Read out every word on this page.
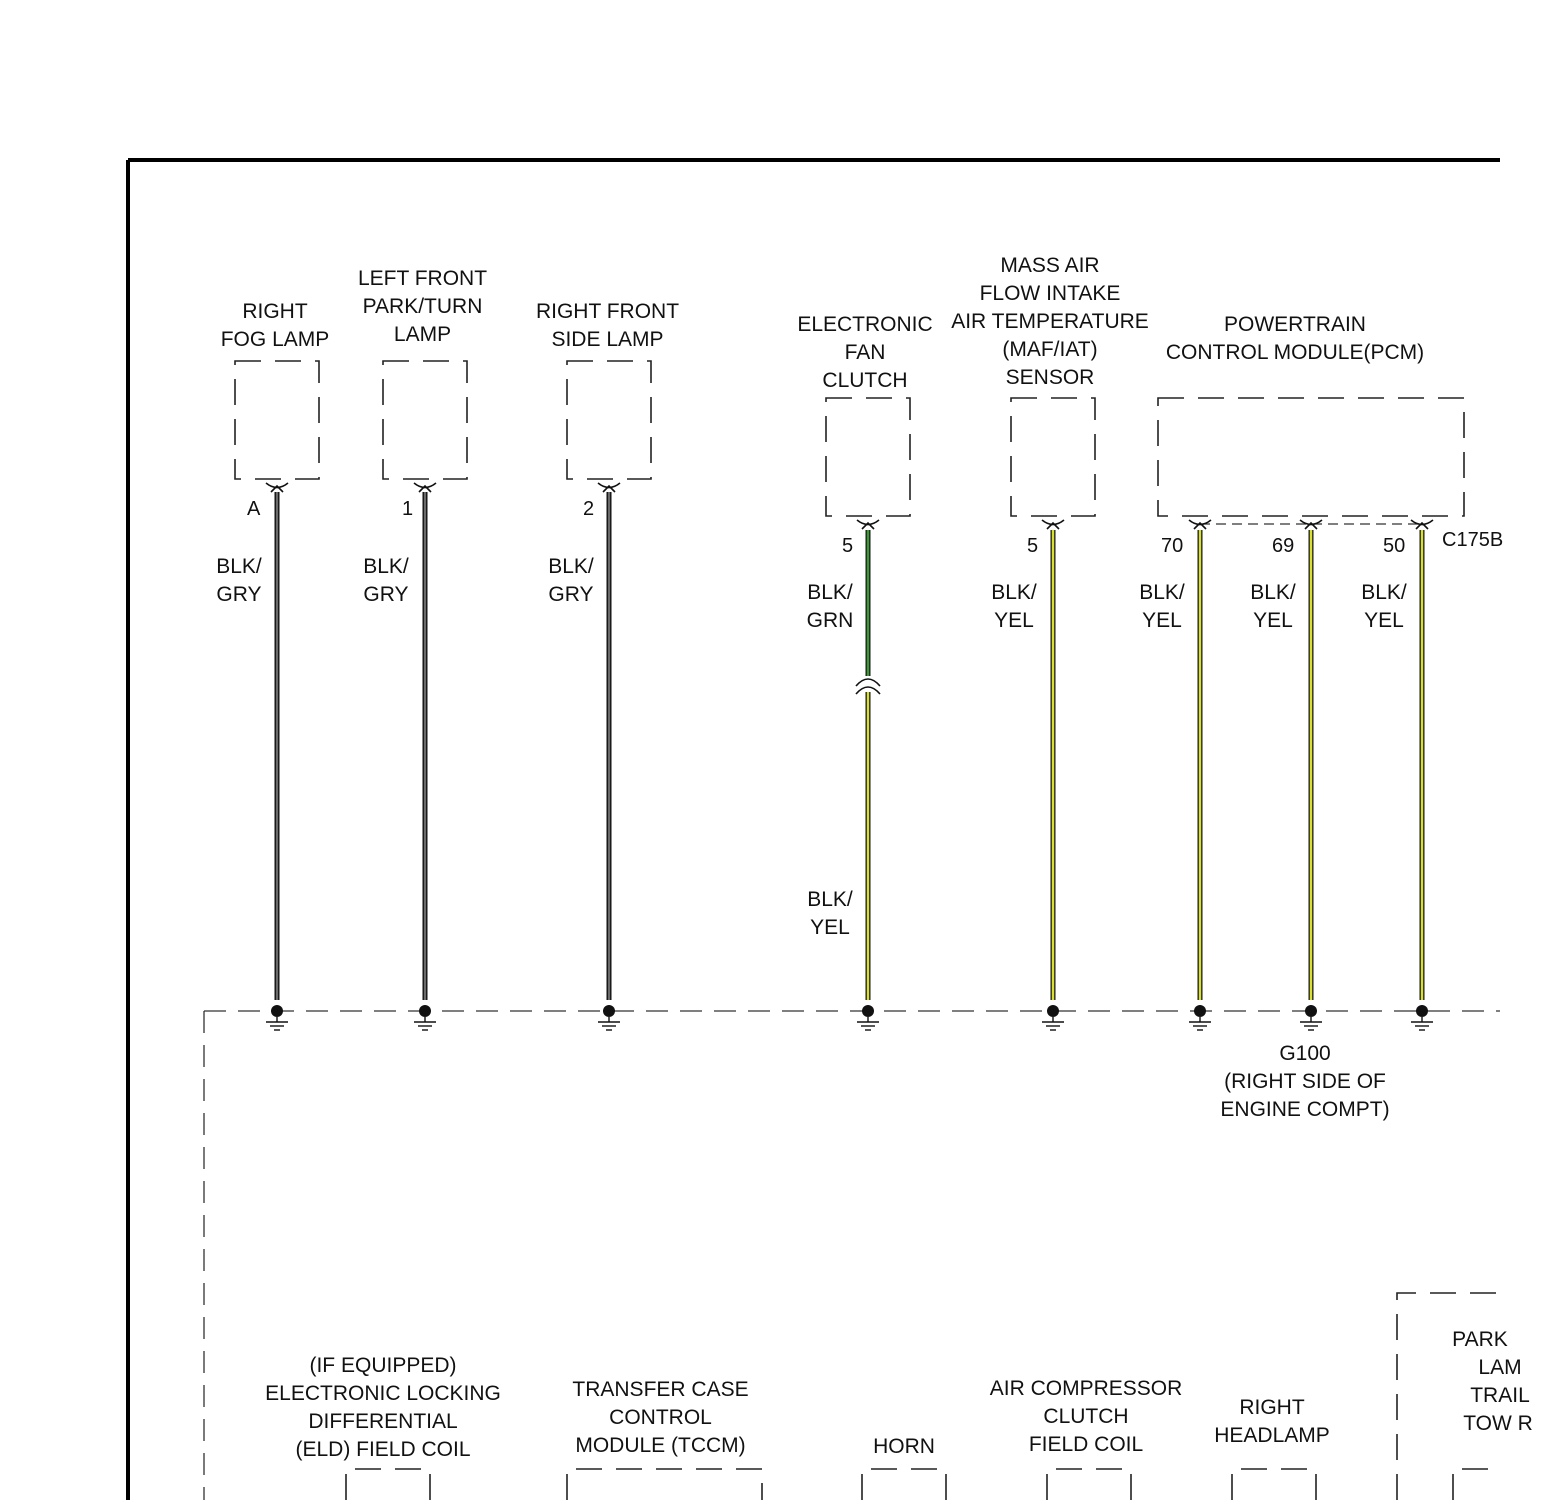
RIGHT
FOG LAMP
LEFT FRONT
PARK/TURN
LAMP
RIGHT FRONT
SIDE LAMP
ELECTRONIC
FAN
CLUTCH
MASS AIR
FLOW INTAKE
AIR TEMPERATURE
(MAF/IAT)
SENSOR
POWERTRAIN
CONTROL MODULE(PCM)
A	1	2
5	5	70	69	50 C175B
BLK/
GRY
BLK/
GRY
BLK/
GRY	BLK/
GRN
BLK/
YEL
BLK/
YEL
BLK/
YEL
BLK/
YEL
BLK/
YEL
G100
(RIGHT SIDE OF
ENGINE COMPT)
(IF EQUIPPED)
ELECTRONIC LOCKING
DIFFERENTIAL
(ELD) FIELD COIL
TRANSFER CASE
CONTROL
MODULE (TCCM)	HORN
AIR COMPRESSOR
CLUTCH
FIELD COIL
RIGHT
HEADLAMP
PARK
LAM
TRAIL
TOW R
